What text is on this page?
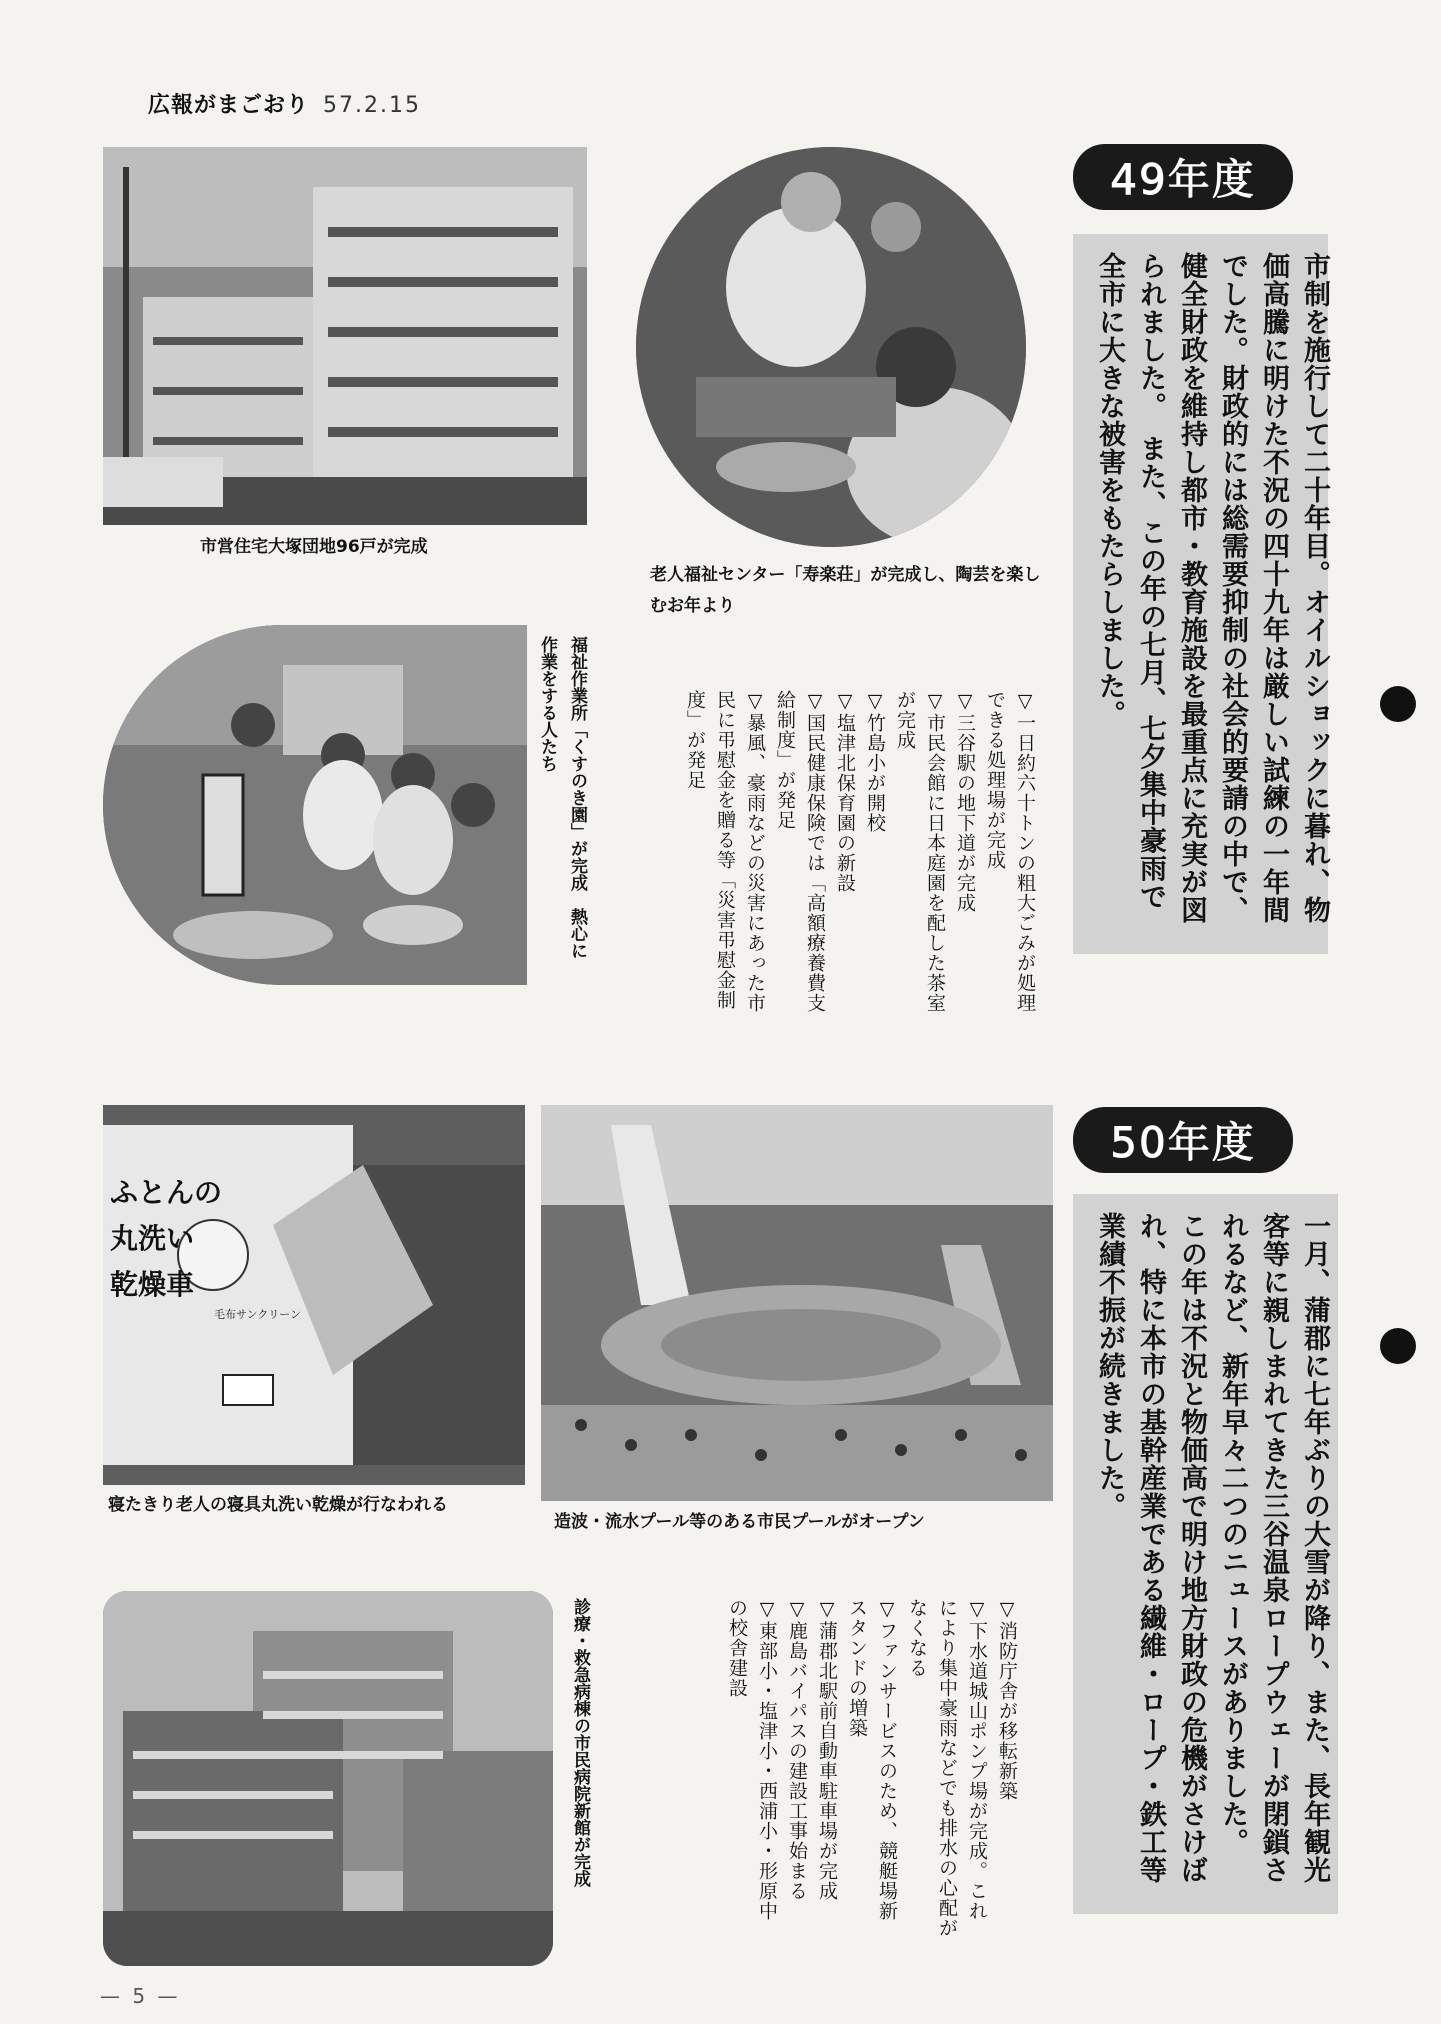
広報がまごおり 57.2.15
市営住宅大塚団地96戸が完成
老人福祉センター「寿楽荘」が完成し、陶芸を楽しむお年より
福祉作業所「くすのき園」が完成　熱心に作業をする人たち	▽一日約六十トンの粗大ごみが処理できる処理場が完成
▽三谷駅の地下道が完成
▽市民会館に日本庭園を配した茶室が完成
▽竹島小が開校
▽塩津北保育園の新設
▽国民健康保険では「高額療養費支給制度」が発足
▽暴風、豪雨などの災害にあった市民に弔慰金を贈る等「災害弔慰金制度」が発足
49年度

市制を施行して二十年目。オイルショックに暮れ、物価高騰に明けた不況の四十九年は厳しい試練の一年間でした。財政的には総需要抑制の社会的要請の中で、健全財政を維持し都市・教育施設を最重点に充実が図られました。　また、この年の七月、七夕集中豪雨で全市に大きな被害をもたらしました。

ふとんの
丸洗い
乾燥車
毛布サンクリーン
寝たきり老人の寝具丸洗い乾燥が行なわれる
造波・流水プール等のある市民プールがオープン
診療・救急病棟の市民病院新館が完成	▽消防庁舎が移転新築
▽下水道城山ポンプ場が完成。これにより集中豪雨などでも排水の心配がなくなる
▽ファンサービスのため、競艇場新スタンドの増築
▽蒲郡北駅前自動車駐車場が完成
▽鹿島バイパスの建設工事始まる
▽東部小・塩津小・西浦小・形原中の校舎建設
50年度

一月、蒲郡に七年ぶりの大雪が降り、また、長年観光客等に親しまれてきた三谷温泉ロープウェーが閉鎖されるなど、新年早々二つのニュースがありました。　この年は不況と物価高で明け地方財政の危機がさけばれ、特に本市の基幹産業である繊維・ロープ・鉄工等業績不振が続きました。

— 5 —
